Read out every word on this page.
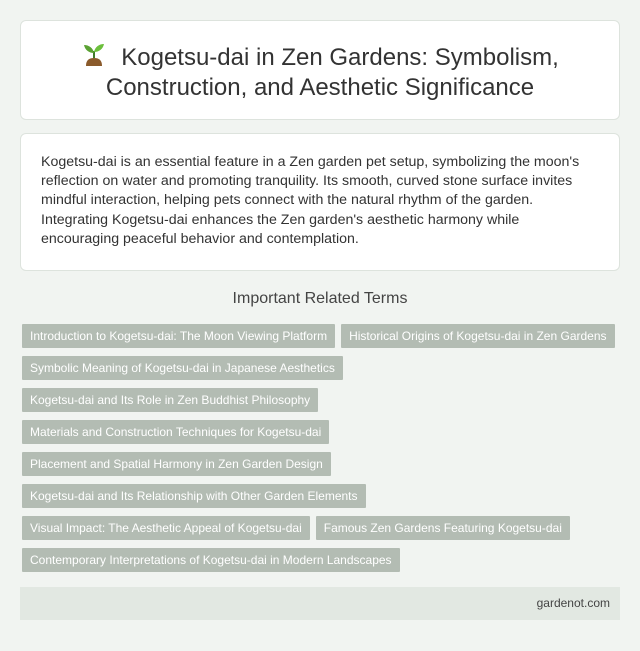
Kogetsu-dai in Zen Gardens: Symbolism, Construction, and Aesthetic Significance

Kogetsu-dai is an essential feature in a Zen garden pet setup, symbolizing the moon's reflection on water and promoting tranquility. Its smooth, curved stone surface invites mindful interaction, helping pets connect with the natural rhythm of the garden. Integrating Kogetsu-dai enhances the Zen garden's aesthetic harmony while encouraging peaceful behavior and contemplation.

Important Related Terms
Introduction to Kogetsu-dai: The Moon Viewing Platform	Historical Origins of Kogetsu-dai in Zen Gardens
Symbolic Meaning of Kogetsu-dai in Japanese Aesthetics
Kogetsu-dai and Its Role in Zen Buddhist Philosophy
Materials and Construction Techniques for Kogetsu-dai
Placement and Spatial Harmony in Zen Garden Design
Kogetsu-dai and Its Relationship with Other Garden Elements
Visual Impact: The Aesthetic Appeal of Kogetsu-dai	Famous Zen Gardens Featuring Kogetsu-dai
Contemporary Interpretations of Kogetsu-dai in Modern Landscapes
gardenot.com
